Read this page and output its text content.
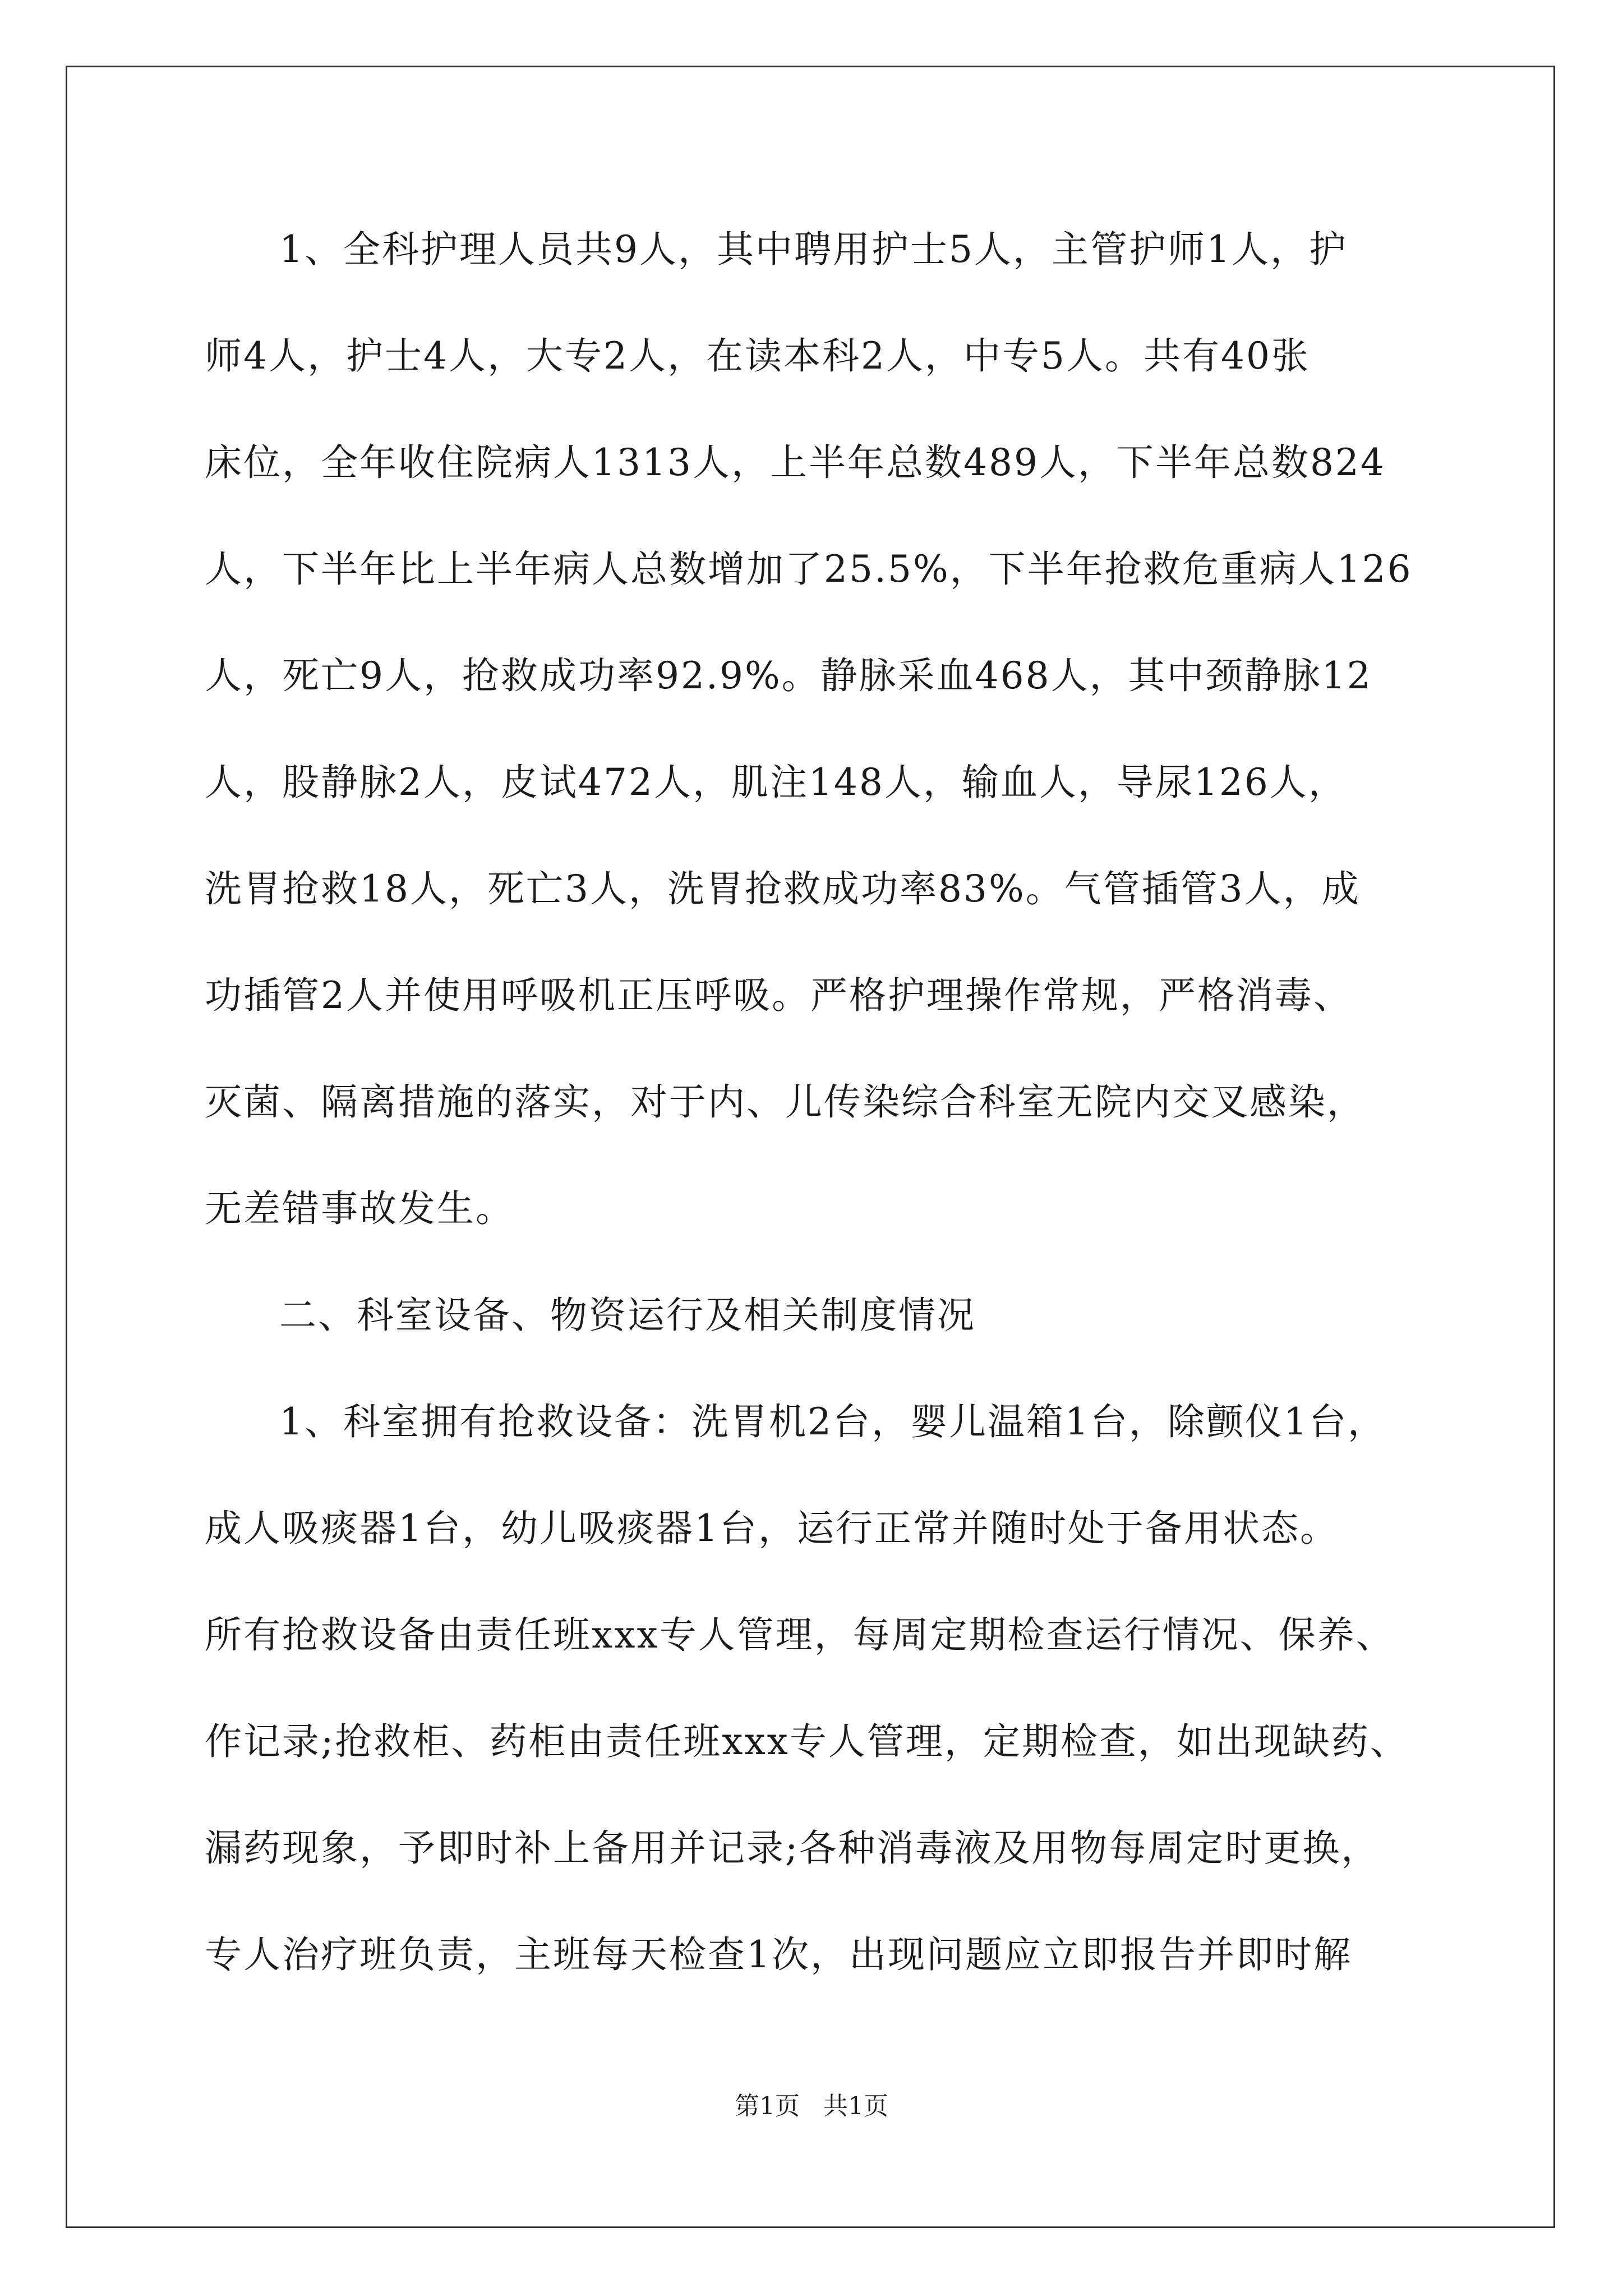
1、全科护理人员共9人，其中聘用护士5人，主管护师1人，护
师4人，护士4人，大专2人，在读本科2人，中专5人。共有40张
床位，全年收住院病人1313人，上半年总数489人，下半年总数824
人，下半年比上半年病人总数增加了25.5%，下半年抢救危重病人126
人，死亡9人，抢救成功率92.9%。静脉采血468人，其中颈静脉12
人，股静脉2人，皮试472人，肌注148人，输血人，导尿126人，
洗胃抢救18人，死亡3人，洗胃抢救成功率83%。气管插管3人，成
功插管2人并使用呼吸机正压呼吸。严格护理操作常规，严格消毒、
灭菌、隔离措施的落实，对于内、儿传染综合科室无院内交叉感染，
无差错事故发生。
二、科室设备、物资运行及相关制度情况
1、科室拥有抢救设备：洗胃机2台，婴儿温箱1台，除颤仪1台，
成人吸痰器1台，幼儿吸痰器1台，运行正常并随时处于备用状态。
所有抢救设备由责任班xxx专人管理，每周定期检查运行情况、保养、
作记录;抢救柜、药柜由责任班xxx专人管理，定期检查，如出现缺药、
漏药现象，予即时补上备用并记录;各种消毒液及用物每周定时更换，
专人治疗班负责，主班每天检查1次，出现问题应立即报告并即时解
第1页   共1页
